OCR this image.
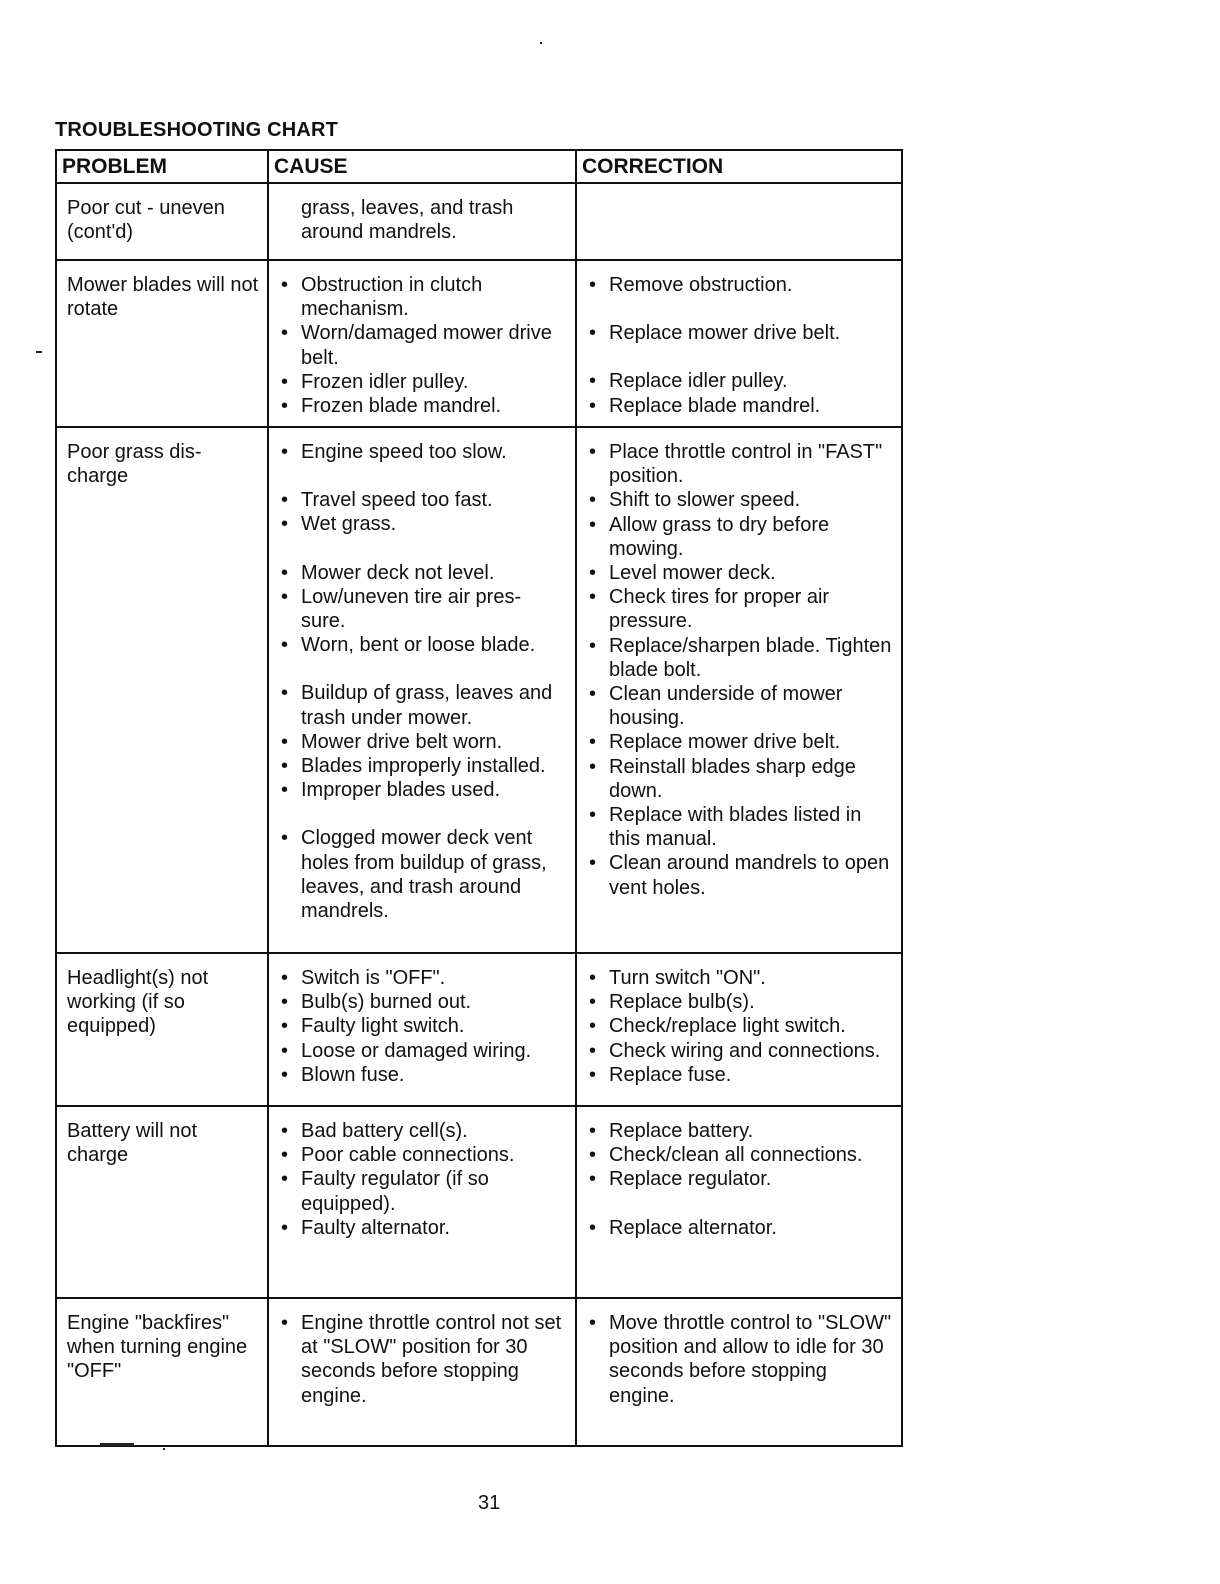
TROUBLESHOOTING CHART
PROBLEM	CAUSE	CORRECTION
Poor cut - uneven (cont'd)
grass, leaves, and trash around mandrels.
Mower blades will not rotate
• Obstruction in clutch mechanism.
• Worn/damaged mower drive belt.
• Frozen idler pulley.
• Frozen blade mandrel.
• Remove obstruction.
• Replace mower drive belt.
• Replace idler pulley.
• Replace blade mandrel.
Poor grass dis- charge
• Engine speed too slow.
• Travel speed too fast.
• Wet grass.
• Mower deck not level.
• Low/uneven tire air pres- sure.
• Worn, bent or loose blade.
• Buildup of grass, leaves and trash under mower.
• Mower drive belt worn.
• Blades improperly installed.
• Improper blades used.
• Clogged mower deck vent holes from buildup of grass, leaves, and trash around mandrels.
• Place throttle control in "FAST" position.
• Shift to slower speed.
• Allow grass to dry before mowing.
• Level mower deck.
• Check tires for proper air pressure.
• Replace/sharpen blade. Tighten blade bolt.
• Clean underside of mower housing.
• Replace mower drive belt.
• Reinstall blades sharp edge down.
• Replace with blades listed in this manual.
• Clean around mandrels to open vent holes.
Headlight(s) not working (if so equipped)
• Switch is "OFF".
• Bulb(s) burned out.
• Faulty light switch.
• Loose or damaged wiring.
• Blown fuse.
• Turn switch "ON".
• Replace bulb(s).
• Check/replace light switch.
• Check wiring and connections.
• Replace fuse.
Battery will not charge
• Bad battery cell(s).
• Poor cable connections.
• Faulty regulator (if so equipped).
• Faulty alternator.
• Replace battery.
• Check/clean all connections.
• Replace regulator.
• Replace alternator.
Engine "backfires" when turning engine "OFF"
• Engine throttle control not set at "SLOW" position for 30 seconds before stopping engine.
• Move throttle control to "SLOW" position and allow to idle for 30 seconds before stopping engine.
31
